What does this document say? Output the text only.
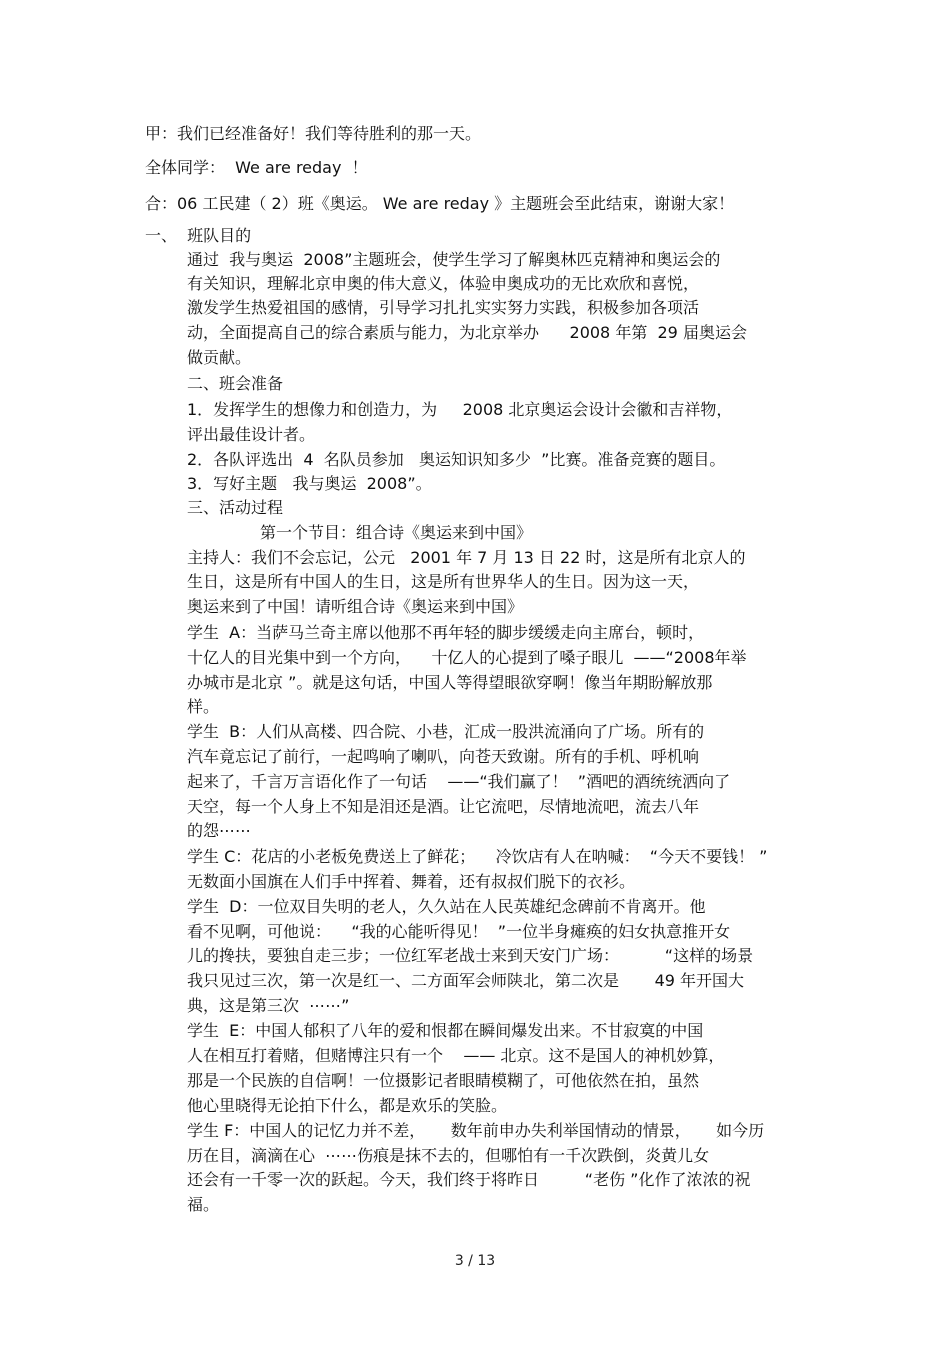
甲：我们已经准备好！我们等待胜利的那一天。
全体同学：  We are reday  ！
合：06 工民建（ 2）班《奥运。 We are reday 》主题班会至此结束，谢谢大家！
一、  班队目的
通过  我与奥运  2008”主题班会，使学生学习了解奥林匹克精神和奥运会的
有关知识，理解北京申奥的伟大意义，体验申奥成功的无比欢欣和喜悦，
激发学生热爱祖国的感情，引导学习扎扎实实努力实践，积极参加各项活
动，全面提高自己的综合素质与能力，为北京举办      2008 年第  29 届奥运会
做贡献。
二、班会准备
1．发挥学生的想像力和创造力，为     2008 北京奥运会设计会徽和吉祥物，
评出最佳设计者。
2．各队评选出  4  名队员参加   奥运知识知多少  ”比赛。准备竞赛的题目。
3．写好主题   我与奥运  2008”。
三、活动过程
第一个节目：组合诗《奥运来到中国》
主持人：我们不会忘记，公元   2001 年 7 月 13 日 22 时，这是所有北京人的
生日，这是所有中国人的生日，这是所有世界华人的生日。因为这一天，
奥运来到了中国！请听组合诗《奥运来到中国》
学生  A：当萨马兰奇主席以他那不再年轻的脚步缓缓走向主席台，顿时，
十亿人的目光集中到一个方向，    十亿人的心提到了嗓子眼儿  ——“2008年举
办城市是北京 ”。就是这句话，中国人等得望眼欲穿啊！像当年期盼解放那
样。
学生  B：人们从高楼、四合院、小巷，汇成一股洪流涌向了广场。所有的
汽车竟忘记了前行，一起鸣响了喇叭，向苍天致谢。所有的手机、呼机响
起来了，千言万言语化作了一句话    ——“我们赢了！  ”酒吧的酒统统洒向了
天空，每一个人身上不知是泪还是酒。让它流吧，尽情地流吧，流去八年
的怨⋯⋯
学生 C：花店的小老板免费送上了鲜花；    冷饮店有人在呐喊：  “今天不要钱！ ”
无数面小国旗在人们手中挥着、舞着，还有叔叔们脱下的衣衫。
学生  D：一位双目失明的老人，久久站在人民英雄纪念碑前不肯离开。他
看不见啊，可他说：    “我的心能听得见！  ”一位半身瘫痪的妇女执意推开女
儿的搀扶，要独自走三步；一位红军老战士来到天安门广场：         “这样的场景
我只见过三次，第一次是红一、二方面军会师陕北，第二次是       49 年开国大
典，这是第三次  ⋯⋯”
学生  E：中国人郁积了八年的爱和恨都在瞬间爆发出来。不甘寂寞的中国
人在相互打着赌，但赌博注只有一个    —— 北京。这不是国人的神机妙算，
那是一个民族的自信啊！一位摄影记者眼睛模糊了，可他依然在拍，虽然
他心里晓得无论拍下什么，都是欢乐的笑脸。
学生 F：中国人的记忆力并不差，     数年前申办失利举国情动的情景，     如今历
历在目，滴滴在心  ⋯⋯伤痕是抹不去的，但哪怕有一千次跌倒，炎黄儿女
还会有一千零一次的跃起。今天，我们终于将昨日         “老伤 ”化作了浓浓的祝
福。
3 / 13
